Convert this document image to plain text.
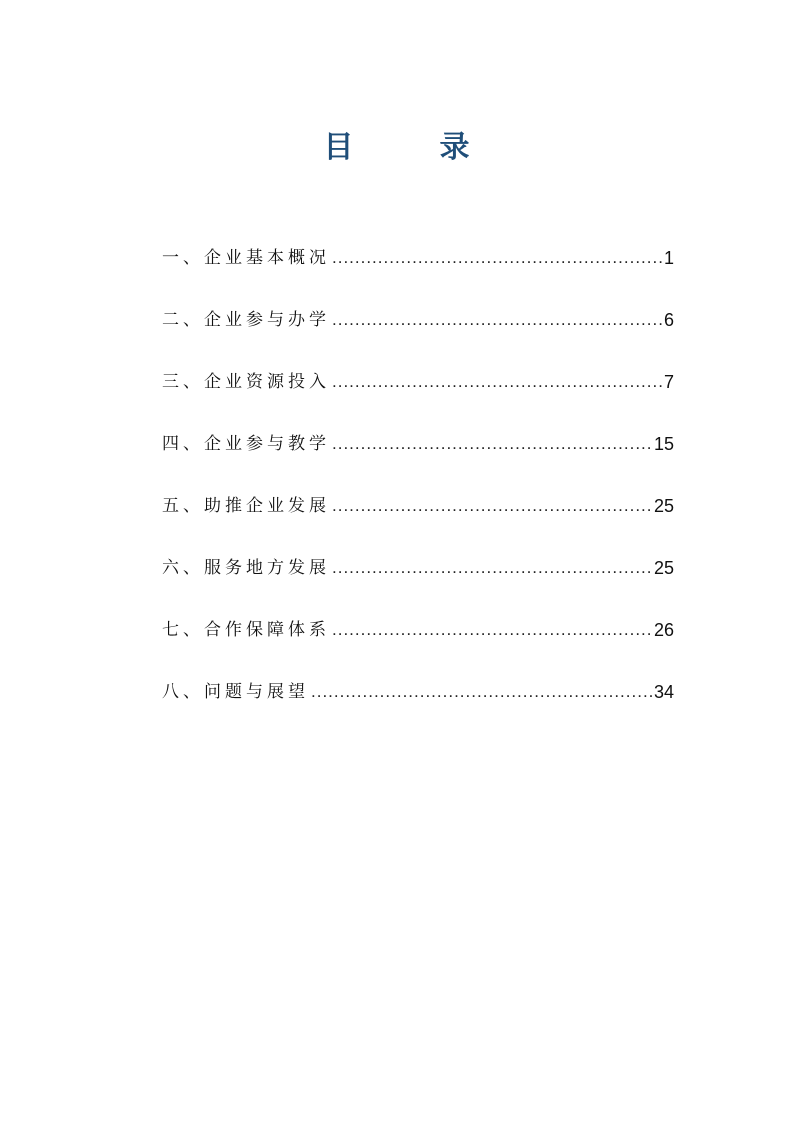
目　录
一、企业基本概况 .....	1
二、企业参与办学 .....	6
三、企业资源投入 .....	7
四、企业参与教学 .....	15
五、助推企业发展 .....	25
六、服务地方发展 .....	25
七、合作保障体系 .....	26
八、问题与展望 .....	34
